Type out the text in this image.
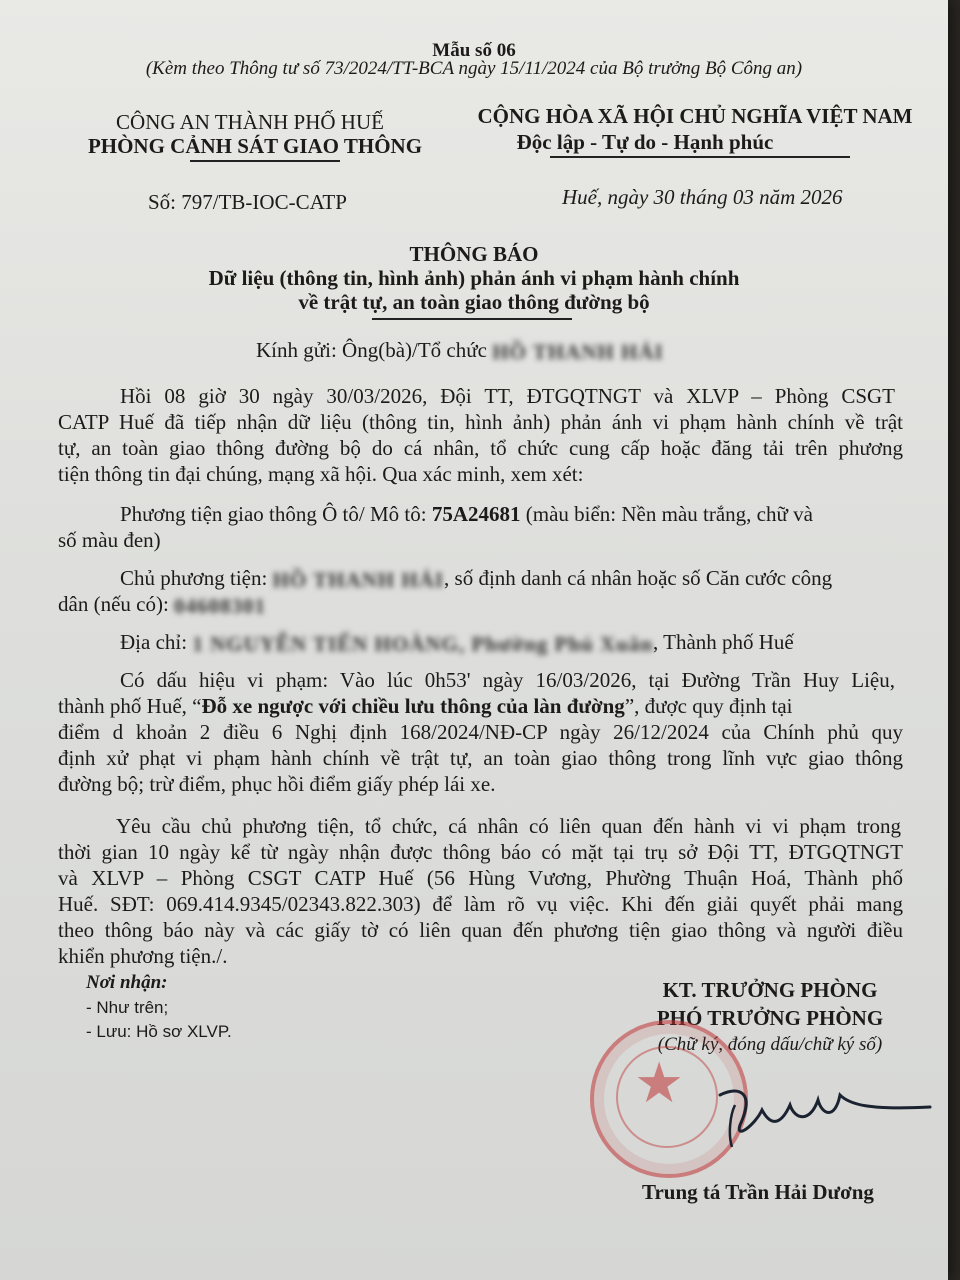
Mẫu số 06
(Kèm theo Thông tư số 73/2024/TT-BCA ngày 15/11/2024 của Bộ trưởng Bộ Công an)
CÔNG AN THÀNH PHỐ HUẾ
PHÒNG CẢNH SÁT GIAO THÔNG
CỘNG HÒA XÃ HỘI CHỦ NGHĨA VIỆT NAM
Độc lập - Tự do - Hạnh phúc
Số: 797/TB-IOC-CATP	Huế, ngày 30 tháng 03 năm 2026
THÔNG BÁO
Dữ liệu (thông tin, hình ảnh) phản ánh vi phạm hành chính
về trật tự, an toàn giao thông đường bộ
Kính gửi: Ông(bà)/Tổ chức HỒ THANH HẢI
Hồi 08 giờ 30 ngày 30/03/2026, Đội TT, ĐTGQTNGT và XLVP – Phòng CSGT
CATP Huế đã tiếp nhận dữ liệu (thông tin, hình ảnh) phản ánh vi phạm hành chính về trật
tự, an toàn giao thông đường bộ do cá nhân, tổ chức cung cấp hoặc đăng tải trên phương
tiện thông tin đại chúng, mạng xã hội. Qua xác minh, xem xét:
Phương tiện giao thông Ô tô/ Mô tô: 75A24681 (màu biển: Nền màu trắng, chữ và
số màu đen)
Chủ phương tiện: HỒ THANH HẢI, số định danh cá nhân hoặc số Căn cước công
dân (nếu có): 04608301
Địa chỉ: 1 NGUYỄN TIẾN HOÀNG, Phường Phú Xuân, Thành phố Huế
Có dấu hiệu vi phạm: Vào lúc 0h53' ngày 16/03/2026, tại Đường Trần Huy Liệu,
thành phố Huế, “Đỗ xe ngược với chiều lưu thông của làn đường”, được quy định tại
điểm d khoản 2 điều 6 Nghị định 168/2024/NĐ-CP ngày 26/12/2024 của Chính phủ quy
định xử phạt vi phạm hành chính về trật tự, an toàn giao thông trong lĩnh vực giao thông
đường bộ; trừ điểm, phục hồi điểm giấy phép lái xe.
Yêu cầu chủ phương tiện, tổ chức, cá nhân có liên quan đến hành vi vi phạm trong
thời gian 10 ngày kể từ ngày nhận được thông báo có mặt tại trụ sở Đội TT, ĐTGQTNGT
và XLVP – Phòng CSGT CATP Huế (56 Hùng Vương, Phường Thuận Hoá, Thành phố
Huế. SĐT: 069.414.9345/02343.822.303) để làm rõ vụ việc. Khi đến giải quyết phải mang
theo thông báo này và các giấy tờ có liên quan đến phương tiện giao thông và người điều
khiển phương tiện./.
Nơi nhận:
- Như trên;
- Lưu: Hồ sơ XLVP.
KT. TRƯỞNG PHÒNG
PHÓ TRƯỞNG PHÒNG
(Chữ ký, đóng dấu/chữ ký số)
★
Trung tá Trần Hải Dương
